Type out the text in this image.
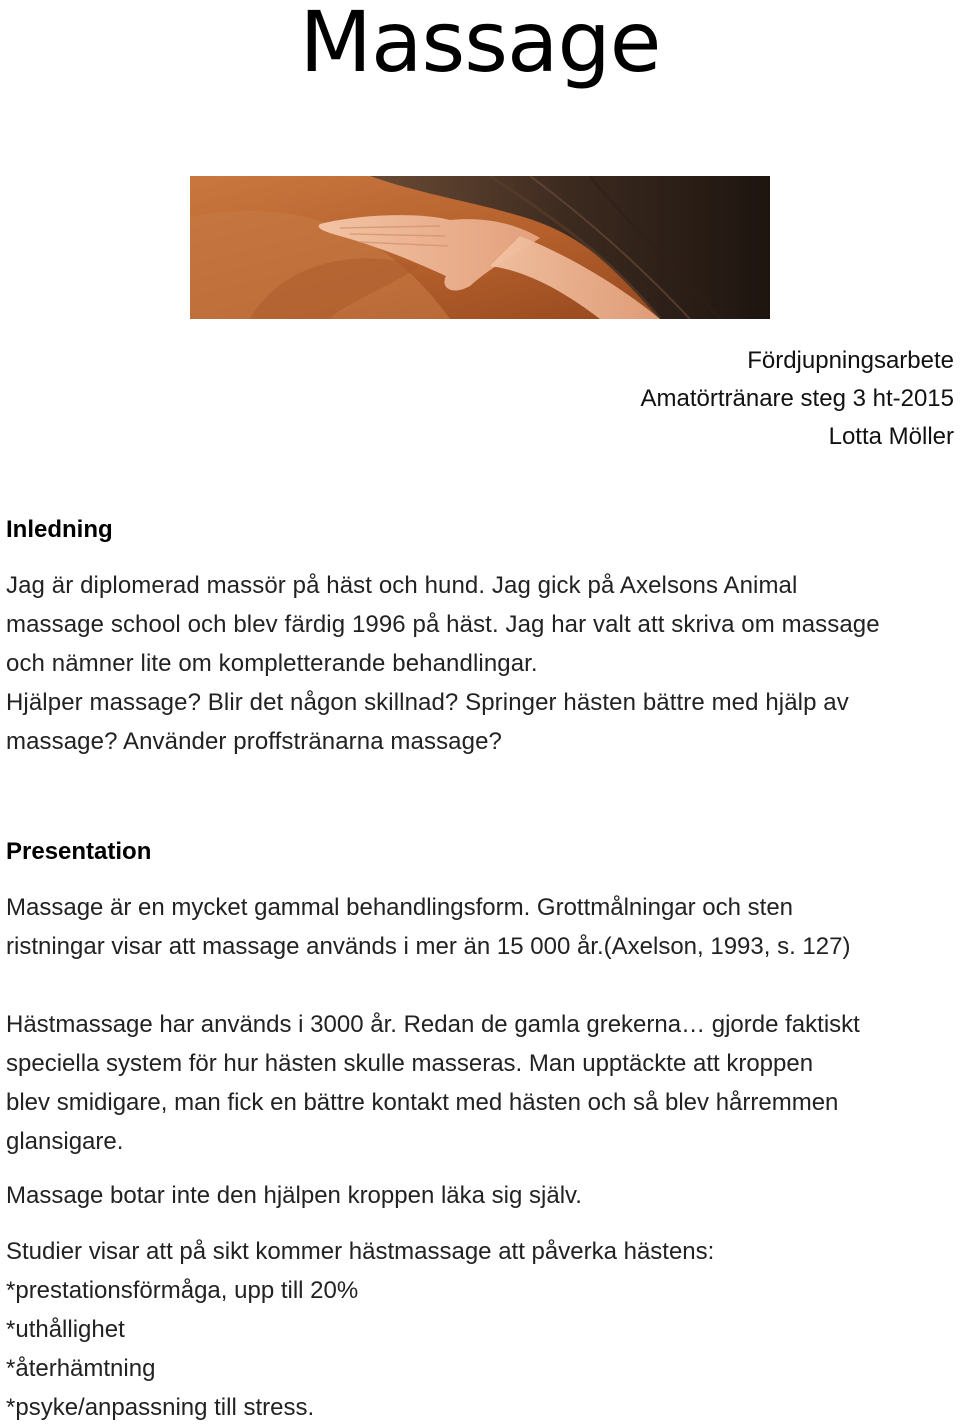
Massage
Fördjupningsarbete
Amatörtränare steg 3 ht-2015
Lotta Möller
Inledning

Jag är diplomerad massör på häst och hund. Jag gick på Axelsons Animal
massage school och blev färdig 1996 på häst. Jag har valt att skriva om massage
och nämner lite om kompletterande behandlingar.
Hjälper massage? Blir det någon skillnad? Springer hästen bättre med hjälp av
massage? Använder proffstränarna massage?

Presentation

Massage är en mycket gammal behandlingsform. Grottmålningar och sten
ristningar visar att massage används i mer än 15 000 år.(Axelson, 1993, s. 127)

Hästmassage har används i 3000 år. Redan de gamla grekerna… gjorde faktiskt
speciella system för hur hästen skulle masseras. Man upptäckte att kroppen
blev smidigare, man fick en bättre kontakt med hästen och så blev hårremmen
glansigare.

Massage botar inte den hjälpen kroppen läka sig själv.

Studier visar att på sikt kommer hästmassage att påverka hästens:
*prestationsförmåga, upp till 20%
*uthållighet
*återhämtning
*psyke/anpassning till stress.
